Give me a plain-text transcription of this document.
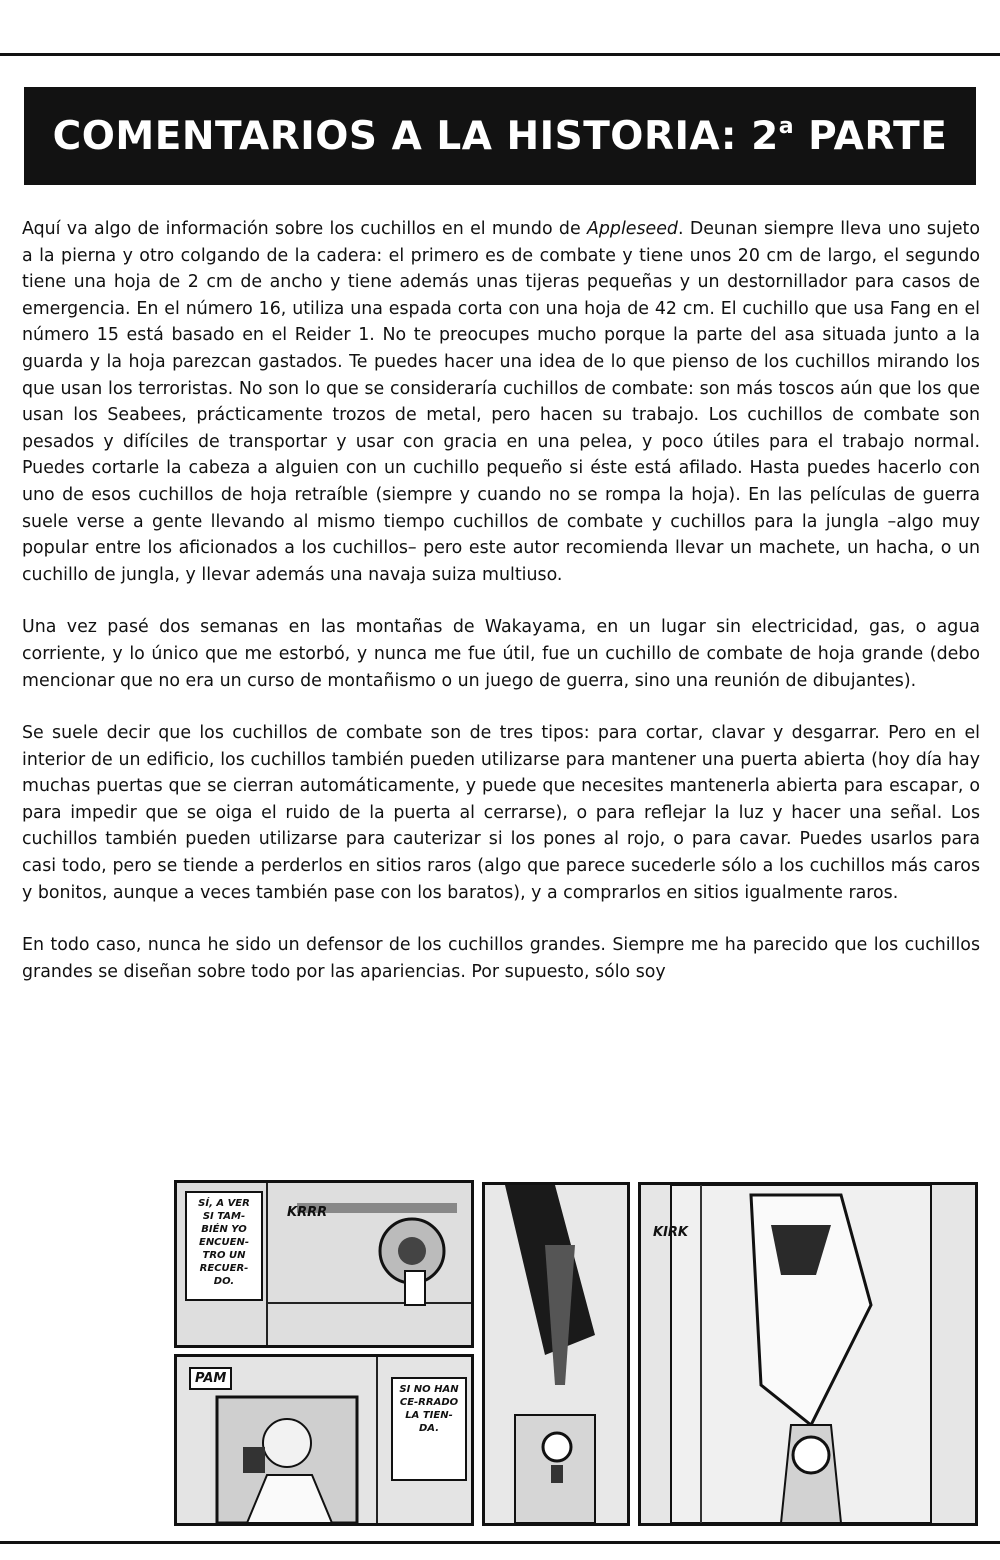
COMENTARIOS A LA HISTORIA: 2$^a$ PARTE

Aquí va algo de información sobre los cuchillos en el mundo de Appleseed. Deunan siempre lleva uno sujeto a la pierna y otro colgando de la cadera: el primero es de combate y tiene unos 20 cm de largo, el segundo tiene una hoja de 2 cm de ancho y tiene además unas tijeras pequeñas y un destornillador para casos de emergencia. En el número 16, utiliza una espada corta con una hoja de 42 cm. El cuchillo que usa Fang en el número 15 está basado en el Reider 1. No te preocupes mucho porque la parte del asa situada junto a la guarda y la hoja parezcan gastados. Te puedes hacer una idea de lo que pienso de los cuchillos mirando los que usan los terroristas. No son lo que se consideraría cuchillos de combate: son más toscos aún que los que usan los Seabees, prácticamente trozos de metal, pero hacen su trabajo. Los cuchillos de combate son pesados y difíciles de transportar y usar con gracia en una pelea, y poco útiles para el trabajo normal. Puedes cortarle la cabeza a alguien con un cuchillo pequeño si éste está afilado. Hasta puedes hacerlo con uno de esos cuchillos de hoja retraíble (siempre y cuando no se rompa la hoja). En las películas de guerra suele verse a gente llevando al mismo tiempo cuchillos de combate y cuchillos para la jungla –algo muy popular entre los aficionados a los cuchillos– pero este autor recomienda llevar un machete, un hacha, o un cuchillo de jungla, y llevar además una navaja suiza multiuso.

Una vez pasé dos semanas en las montañas de Wakayama, en un lugar sin electricidad, gas, o agua corriente, y lo único que me estorbó, y nunca me fue útil, fue un cuchillo de combate de hoja grande (debo mencionar que no era un curso de montañismo o un juego de guerra, sino una reunión de dibujantes).

Se suele decir que los cuchillos de combate son de tres tipos: para cortar, clavar y desgarrar. Pero en el interior de un edificio, los cuchillos también pueden utilizarse para mantener una puerta abierta (hoy día hay muchas puertas que se cierran automáticamente, y puede que necesites mantenerla abierta para escapar, o para impedir que se oiga el ruido de la puerta al cerrarse), o para reflejar la luz y hacer una señal. Los cuchillos también pueden utilizarse para cauterizar si los pones al rojo, o para cavar. Puedes usarlos para casi todo, pero se tiende a perderlos en sitios raros (algo que parece sucederle sólo a los cuchillos más caros y bonitos, aunque a veces también pase con los baratos), y a comprarlos en sitios igualmente raros.

En todo caso, nunca he sido un defensor de los cuchillos grandes. Siempre me ha parecido que los cuchillos grandes se diseñan sobre todo por las apariencias. Por supuesto, sólo soy

SÍ, A VER SI TAM-BIÉN YO ENCUEN-TRO UN RECUER-DO.
KRRR
PAM
SI NO HAN CE-RRADO LA TIEN-DA.
KIRK
